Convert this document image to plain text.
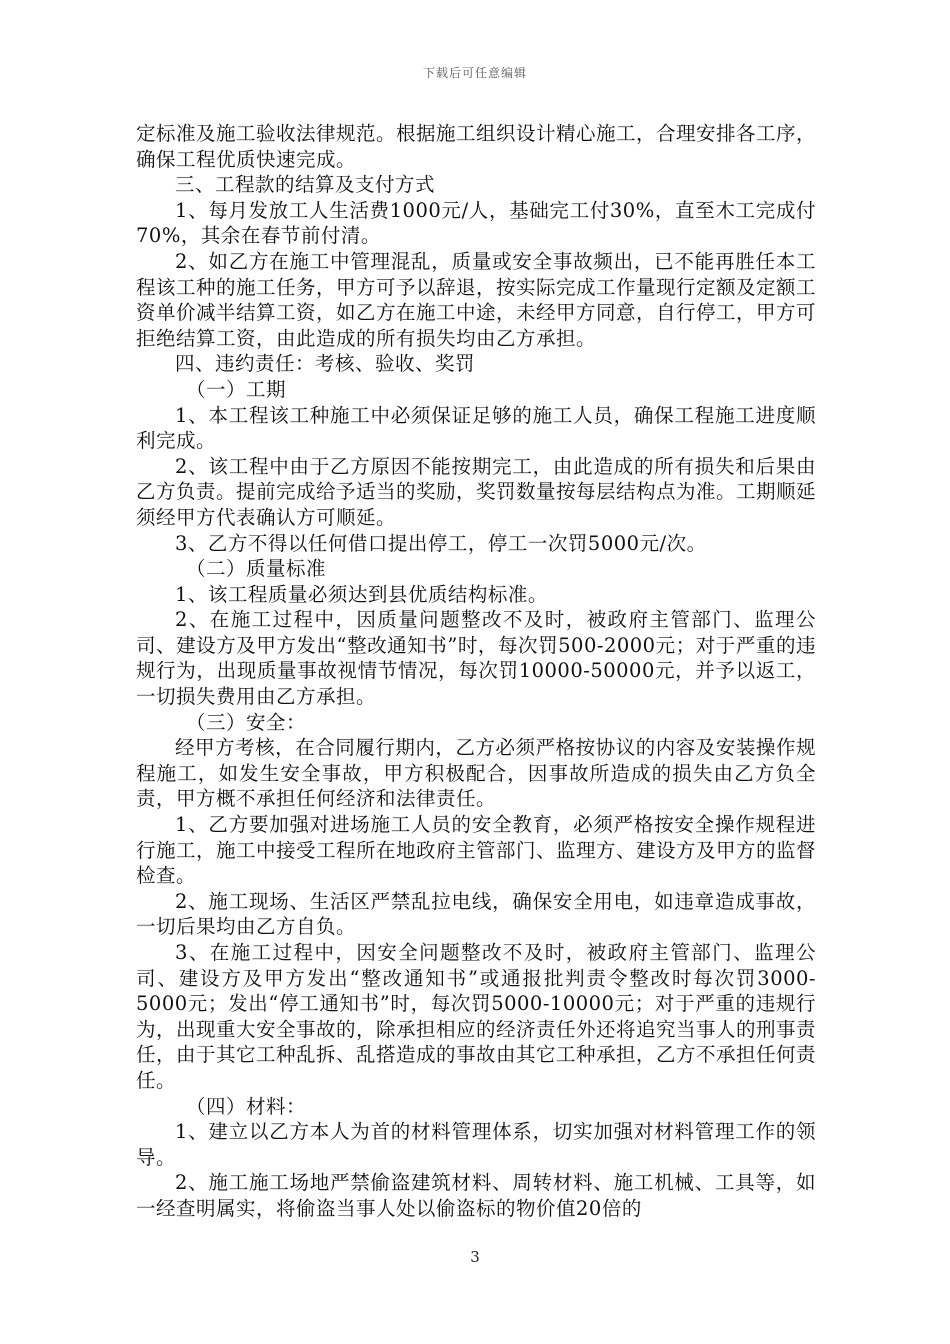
下载后可任意编辑

定标准及施工验收法律规范。根据施工组织设计精心施工，合理安排各工序，确保工程优质快速完成。

三、工程款的结算及支付方式

1、每月发放工人生活费1000元/人，基础完工付30%，直至木工完成付70%，其余在春节前付清。

2、如乙方在施工中管理混乱，质量或安全事故频出，已不能再胜任本工程该工种的施工任务，甲方可予以辞退，按实际完成工作量现行定额及定额工资单价减半结算工资，如乙方在施工中途，未经甲方同意，自行停工，甲方可拒绝结算工资，由此造成的所有损失均由乙方承担。

四、违约责任：考核、验收、奖罚

（一）工期

1、本工程该工种施工中必须保证足够的施工人员，确保工程施工进度顺利完成。

2、该工程中由于乙方原因不能按期完工，由此造成的所有损失和后果由乙方负责。提前完成给予适当的奖励，奖罚数量按每层结构点为准。工期顺延须经甲方代表确认方可顺延。

3、乙方不得以任何借口提出停工，停工一次罚5000元/次。

（二）质量标准

1、该工程质量必须达到县优质结构标准。

2、在施工过程中，因质量问题整改不及时，被政府主管部门、监理公司、建设方及甲方发出“整改通知书”时，每次罚500-2000元；对于严重的违规行为，出现质量事故视情节情况，每次罚10000-50000元，并予以返工，一切损失费用由乙方承担。

（三）安全：

经甲方考核，在合同履行期内，乙方必须严格按协议的内容及安装操作规程施工，如发生安全事故，甲方积极配合，因事故所造成的损失由乙方负全责，甲方概不承担任何经济和法律责任。

1、乙方要加强对进场施工人员的安全教育，必须严格按安全操作规程进行施工，施工中接受工程所在地政府主管部门、监理方、建设方及甲方的监督检查。

2、施工现场、生活区严禁乱拉电线，确保安全用电，如违章造成事故，一切后果均由乙方自负。

3、在施工过程中，因安全问题整改不及时，被政府主管部门、监理公司、建设方及甲方发出“整改通知书”或通报批判责令整改时每次罚3000-5000元；发出“停工通知书”时，每次罚5000-10000元；对于严重的违规行为，出现重大安全事故的，除承担相应的经济责任外还将追究当事人的刑事责任，由于其它工种乱拆、乱搭造成的事故由其它工种承担，乙方不承担任何责任。

（四）材料：

1、建立以乙方本人为首的材料管理体系，切实加强对材料管理工作的领导。

2、施工施工场地严禁偷盗建筑材料、周转材料、施工机械、工具等，如一经查明属实，将偷盗当事人处以偷盗标的物价值20倍的

3
